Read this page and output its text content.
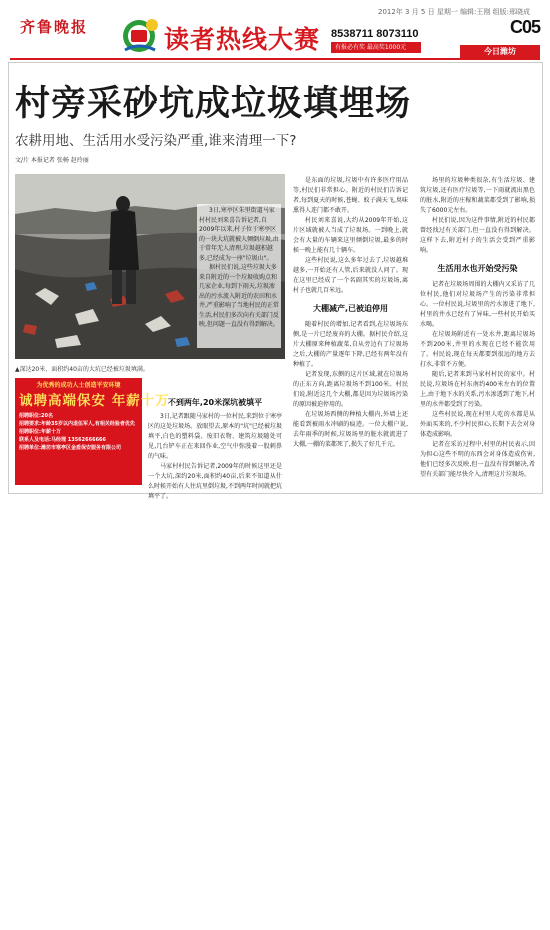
齐鲁晚报
2012年 3 月 5 日 星期一 编辑:王刚 组版:邢晓成
C05
读者热线大赛 8538711 8073110
有报必有奖 最高奖1000元	今日潍坊
村旁采砂坑成垃圾填埋场
农耕用地、生活用水受污染严重,谁来清理一下?
文/片 本报记者 张畅 赵玲丽

3日,寒亭区朱里街道马家村村民刘来喜告诉记者,自2009年以来,村子位于寒亭区的一块大坑就被人倾倒垃圾,由于常年无人清理,垃圾越积越多,已经成为一座"垃圾山"。

据村民们说,这些垃圾大多来自附近的一个垃圾收购点和几家企业,每到下雨天,垃圾渗出的污水流入附近的农田和水井,严重影响了当地村民的正常生活,村民们多次向有关部门反映,但问题一直没有得到解决。

▲深达20米、面积约40亩的大坑已经被垃圾填满。
为优秀的成功人士创造平安环境
诚聘高端保安 年薪十万
招聘职位:20名
招聘要求:年龄35岁以内退伍军人,有相关经验者优先
招聘职位:年薪十万
联系人及电话:马经理 13562666666
招聘单位:潍坊市寒亭区金盾保安服务有限公司
不到两年,20米深坑被填平

3日,记者跟随马家村的一位村民,来到位于寒亭区的这处垃圾场。放眼望去,原本的"坑"已经被垃圾填平,白色的塑料袋、废旧衣物、建筑垃圾随处可见,几台铲车正在来回作业,空气中弥漫着一股刺鼻的气味。

马家村村民告诉记者,2009年的时候这里还是一个大坑,深约20米,面积约40亩,后来不知道从什么时候开始有人往坑里倒垃圾,不到两年时间就把坑填平了。

是东面的垃圾,垃圾中有许多医疗用品等,村民们非常担心。附近的村民们告诉记者,每到夏天的时候,苍蝇、蚊子满天飞,臭味熏得人连门都不敢开。

村民刘来喜说,大约从2009年开始,这片区域就被人当成了垃圾场。一到晚上,就会有大量的车辆来这里倾倒垃圾,最多的时候一晚上能有几十辆车。

这些村民说,这么多年过去了,垃圾越堆越多,一开始还有人管,后来就没人问了。现在这里已经成了一个名副其实的垃圾场,离村子也就几百米远。

大棚减产,已被迫停用

随着村民的增加,记者看到,在垃圾场东侧,是一片已经废弃的大棚。据村民介绍,这片大棚原来种植蔬菜,自从旁边有了垃圾场之后,大棚的产量逐年下降,已经有两年没有种植了。

记者发现,东侧的这片区域,就在垃圾场的正东方向,距离垃圾场不到100米。村民们说,附近这几个大棚,都是因为垃圾场污染的原因被迫停用的。

在垃圾场西侧的种植大棚内,外墙上还能看到被雨水冲刷的痕迹。一位大棚户说,去年雨季的时候,垃圾场里的脏水就流进了大棚,一棚的菜都死了,损失了好几千元。

场里的垃圾种类很杂,有生活垃圾、建筑垃圾,还有医疗垃圾等,一下雨就流出黑色的脏水,附近的庄稼和蔬菜都受到了影响,损失了6000元左右。

村民们说,因为这件事情,附近的村民都曾经找过有关部门,但一直没有得到解决。这样下去,附近村子的生活会受到严重影响。

生活用水也开始受污染

记者在垃圾场周围的大棚内又采访了几位村民,他们对垃圾场产生的污染非常担心。一位村民说,垃圾里的污水渗进了地下,村里的井水已经有了异味,一些村民开始买水喝。

在垃圾场附近有一处水井,距离垃圾场不到200米,井里的水现在已经不能饮用了。村民说,现在每天都要到很远的地方去打水,非常不方便。

随后,记者来到马家村村民的家中。村民说,垃圾场在村东南约400米左右的位置上,由于地下水的关系,污水渗透到了地下,村里的水井都受到了污染。

这些村民说,现在村里人吃的水都是从外面买来的,不少村民担心,长期下去会对身体造成影响。

记者在采访过程中,村里的村民表示,因为担心这些不明的东西会对身体造成伤害,他们已经多次反映,但一直没有得到解决,希望有关部门能尽快介入,清理这片垃圾场。
